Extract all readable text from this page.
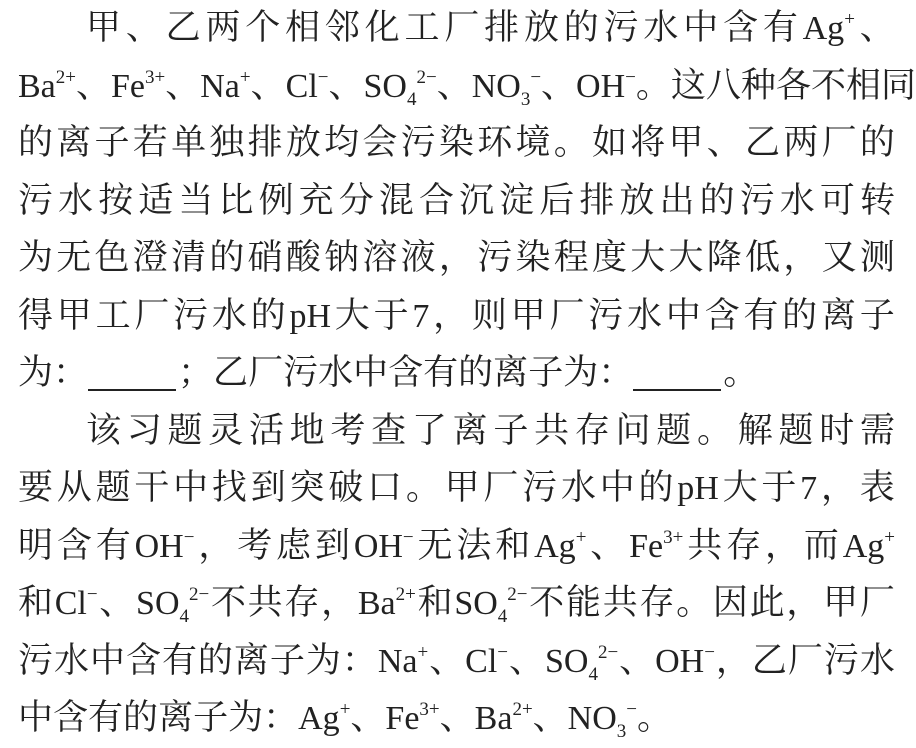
甲 、 乙 两 个 相 邻 化 工 厂 排 放 的 污 水 中 含 有 Ag+ 、
$Ba^{2+}$ 、 $Fe^{3+}$ 、 Na+ 、 Cl− 、 $SO_4^{2-}$ 、 $NO_3^-$ 、 OH− 。 这 八 种 各 不 相 同
的 离 子 若 单 独 排 放 均 会 污 染 环 境 。 如 将 甲 、 乙 两 厂 的
污 水 按 适 当 比 例 充 分 混 合 沉 淀 后 排 放 出 的 污 水 可 转
为 无 色 澄 清 的 硝 酸 钠 溶 液 ， 污 染 程 度 大 大 降 低 ， 又 测
得 甲 工 厂 污 水 的 pH 大 于 7 ， 则 甲 厂 污 水 中 含 有 的 离 子
为 ：	； 乙 厂 污 水 中 含 有 的 离 子 为 ：	。
该 习 题 灵 活 地 考 查 了 离 子 共 存 问 题 。 解 题 时 需
要 从 题 干 中 找 到 突 破 口 。 甲 厂 污 水 中 的 pH 大 于 7 ， 表
明 含 有 OH− ， 考 虑 到 OH− 无 法 和 Ag+ 、 $Fe^{3+}$ 共 存 ， 而 Ag+
和 Cl− 、 $SO_4^{2-}$ 不 共 存 ， $Ba^{2+}$ 和 $SO_4^{2-}$ 不 能 共 存 。 因 此 ， 甲 厂
污 水 中 含 有 的 离 子 为 ： Na+ 、 Cl− 、 $SO_4^{2-}$ 、 OH− ， 乙 厂 污 水
中 含 有 的 离 子 为 ： Ag+ 、 $Fe^{3+}$ 、 $Ba^{2+}$ 、 $NO_3^-$ 。
